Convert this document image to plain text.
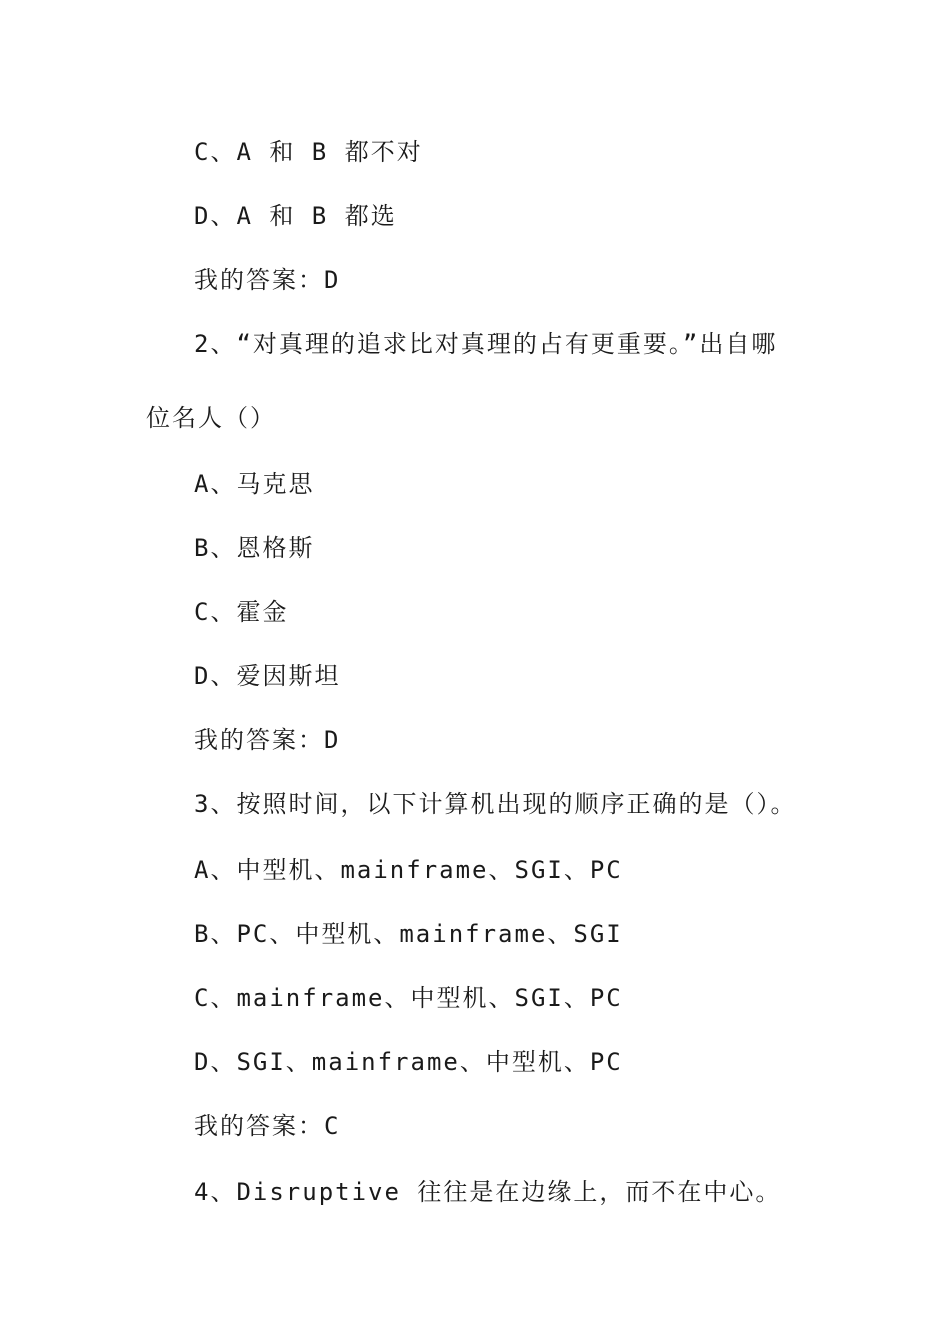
C、A 和 B 都不对
D、A 和 B 都选
我的答案：D
2、“对真理的追求比对真理的占有更重要。”出自哪
位名人（）
A、马克思
B、恩格斯
C、霍金
D、爱因斯坦
我的答案：D
3、按照时间，以下计算机出现的顺序正确的是（）。
A、中型机、mainframe、SGI、PC
B、PC、中型机、mainframe、SGI
C、mainframe、中型机、SGI、PC
D、SGI、mainframe、中型机、PC
我的答案：C
4、Disruptive 往往是在边缘上，而不在中心。
